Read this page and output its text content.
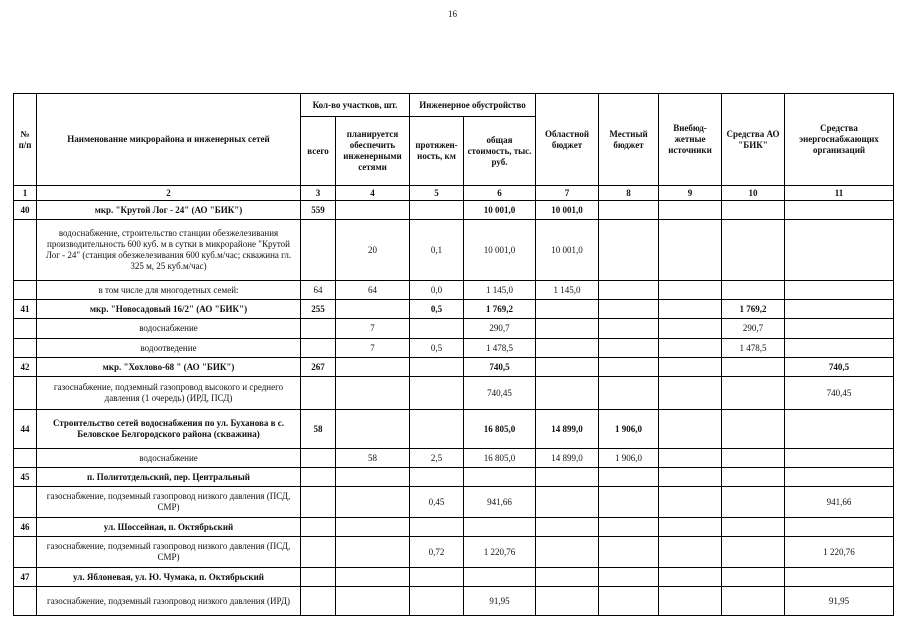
16
№ п/п	Наименование микрорайона и инженерных сетей	Кол-во участков, шт.		Инженерное обустройство		Областной бюджет	Местный бюджет	Внебюд-жетные источники	Средства АО "БИК"	Средства энергоснабжающих организаций
		всего	планируется обеспечить инженерными сетями	протяжен-ность, км	общая стоимость, тыс. руб.					
1	2	3	4	5	6	7	8	9	10	11
40	мкр. "Крутой Лог - 24" (АО "БИК")	559			10 001,0	10 001,0				
	водоснабжение, строительство станции обезжелезивания производительность 600 куб. м в сутки в микрорайоне "Крутой Лог - 24" (станция обезжелезивания 600 куб.м/час; скважина гл. 325 м, 25 куб.м/час)		20	0,1	10 001,0	10 001,0				
	в том числе для многодетных семей:	64	64	0,0	1 145,0	1 145,0				
41	мкр. "Новосадовый 16/2" (АО "БИК")	255		0,5	1 769,2				1 769,2	
	водоснабжение		7		290,7				290,7	
	водоотведение		7	0,5	1 478,5				1 478,5	
42	мкр. "Хохлово-68 " (АО "БИК")	267			740,5					740,5
	газоснабжение, подземный газопровод высокого и среднего давления (1 очередь) (ИРД, ПСД)				740,45					740,45
44	Строительство сетей водоснабжения по ул. Буханова в с. Беловское Белгородского района (скважина)	58			16 805,0	14 899,0	1 906,0			
	водоснабжение		58	2,5	16 805,0	14 899,0	1 906,0			
45	п. Политотдельский, пер. Центральный									
	газоснабжение, подземный газопровод низкого давления (ПСД, СМР)			0,45	941,66					941,66
46	ул. Шоссейная, п. Октябрьский									
	газоснабжение, подземный газопровод низкого давления (ПСД, СМР)			0,72	1 220,76					1 220,76
47	ул. Яблоневая, ул. Ю. Чумака, п. Октябрьский									
	газоснабжение, подземный газопровод низкого давления (ИРД)				91,95					91,95
